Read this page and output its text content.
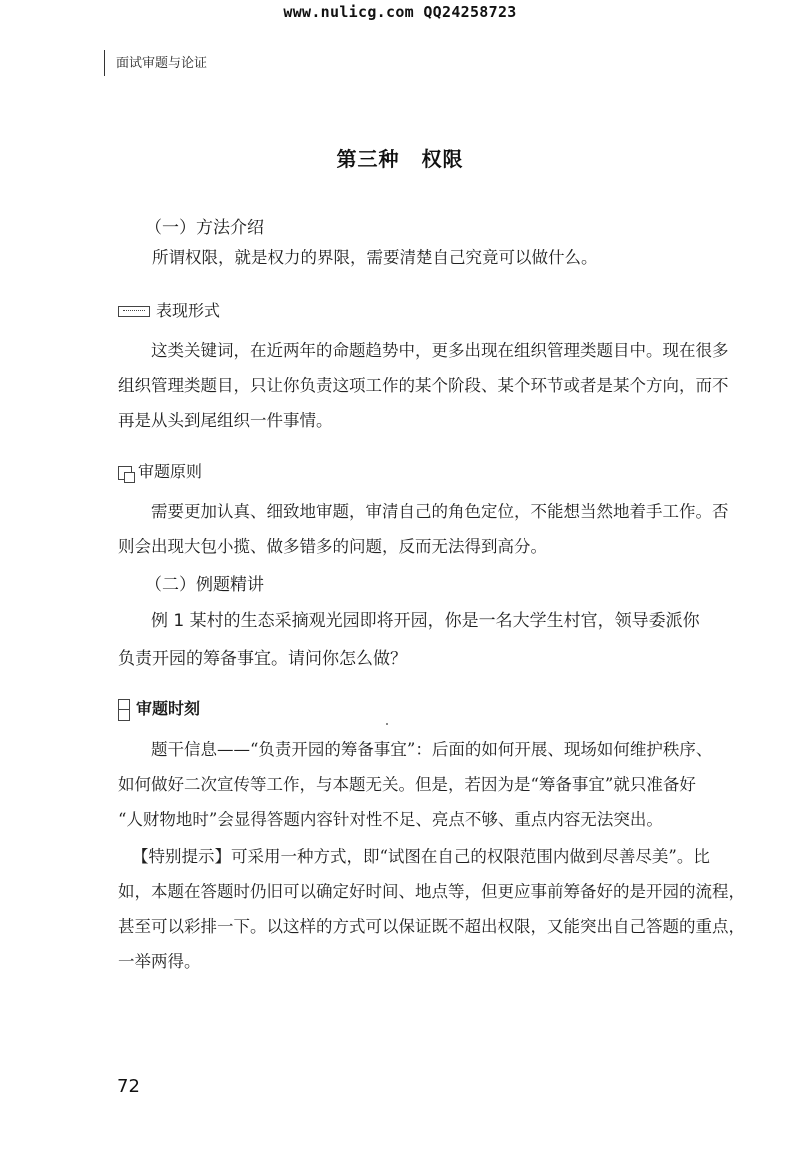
www.nulicg.com QQ24258723
面试审题与论证
第三种 权限
（一）方法介绍
所谓权限，就是权力的界限，需要清楚自己究竟可以做什么。
表现形式
这类关键词，在近两年的命题趋势中，更多出现在组织管理类题目中。现在很多
组织管理类题目，只让你负责这项工作的某个阶段、某个环节或者是某个方向，而不
再是从头到尾组织一件事情。
审题原则
需要更加认真、细致地审题，审清自己的角色定位，不能想当然地着手工作。否
则会出现大包小揽、做多错多的问题，反而无法得到高分。
（二）例题精讲
例 1 某村的生态采摘观光园即将开园，你是一名大学生村官，领导委派你
负责开园的筹备事宜。请问你怎么做？
审题时刻
题干信息——“负责开园的筹备事宜”：后面的如何开展、现场如何维护秩序、
如何做好二次宣传等工作，与本题无关。但是，若因为是“筹备事宜”就只准备好
“人财物地时”会显得答题内容针对性不足、亮点不够、重点内容无法突出。
【特别提示】可采用一种方式，即“试图在自己的权限范围内做到尽善尽美”。比
如，本题在答题时仍旧可以确定好时间、地点等，但更应事前筹备好的是开园的流程，
甚至可以彩排一下。以这样的方式可以保证既不超出权限，又能突出自己答题的重点，
一举两得。
72
